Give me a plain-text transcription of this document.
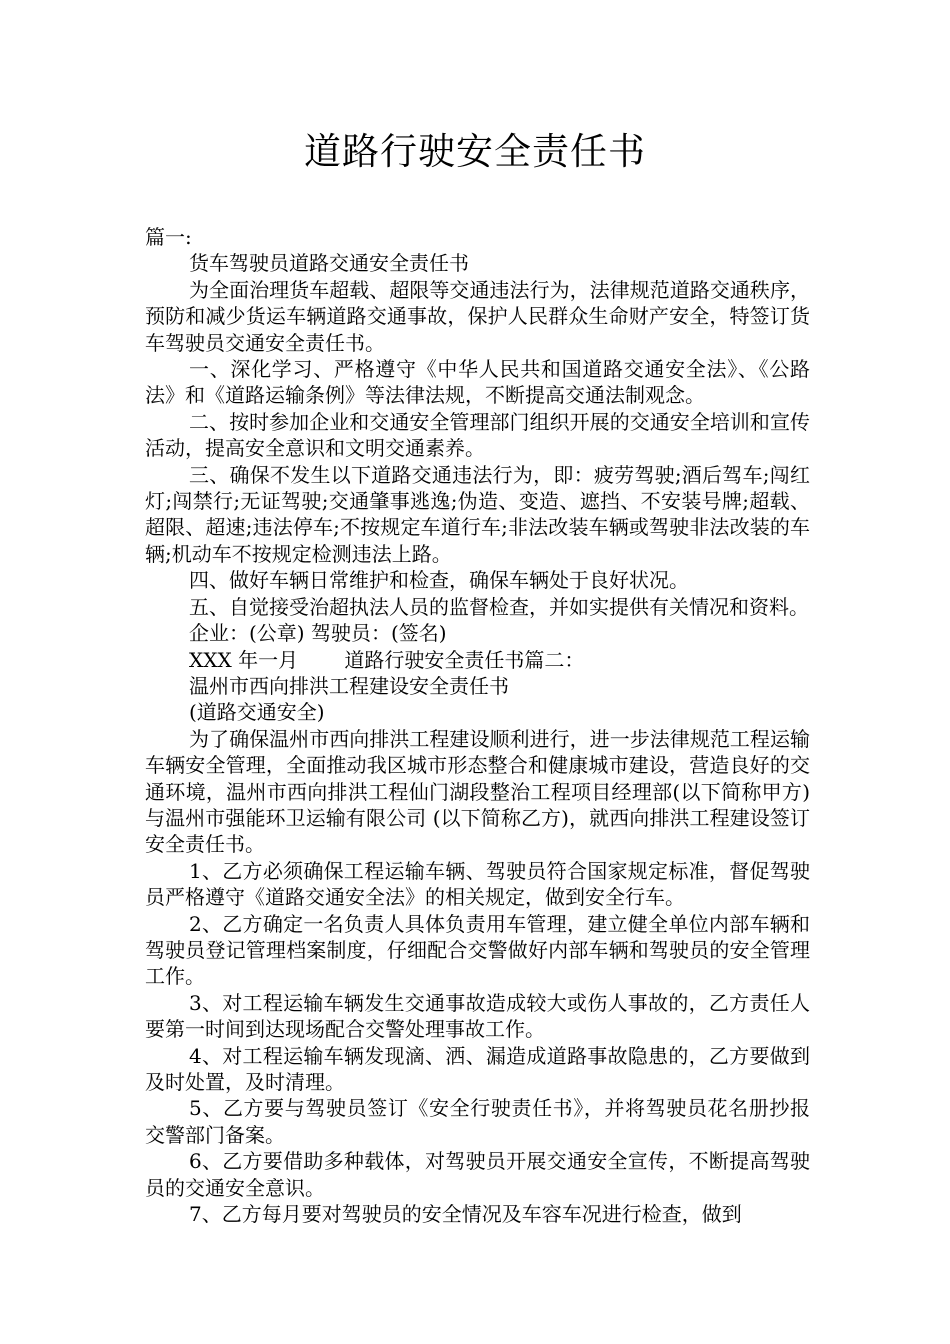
道路行驶安全责任书

篇一:

货车驾驶员道路交通安全责任书

为全面治理货车超载、超限等交通违法行为，法律规范道路交通秩序，预防和减少货运车辆道路交通事故，保护人民群众生命财产安全，特签订货车驾驶员交通安全责任书。

一、深化学习、严格遵守《中华人民共和国道路交通安全法》、《公路法》和《道路运输条例》等法律法规，不断提高交通法制观念。

二、按时参加企业和交通安全管理部门组织开展的交通安全培训和宣传活动，提高安全意识和文明交通素养。

三、确保不发生以下道路交通违法行为，即：疲劳驾驶;酒后驾车;闯红灯;闯禁行;无证驾驶;交通肇事逃逸;伪造、变造、遮挡、不安装号牌;超载、超限、超速;违法停车;不按规定车道行车;非法改装车辆或驾驶非法改装的车辆;机动车不按规定检测违法上路。

四、做好车辆日常维护和检查，确保车辆处于良好状况。

五、自觉接受治超执法人员的监督检查，并如实提供有关情况和资料。

企业：(公章) 驾驶员：(签名)

XXX 年一月　　 道路行驶安全责任书篇二：

温州市西向排洪工程建设安全责任书

(道路交通安全)

为了确保温州市西向排洪工程建设顺利进行，进一步法律规范工程运输车辆安全管理，全面推动我区城市形态整合和健康城市建设，营造良好的交通环境，温州市西向排洪工程仙门湖段整治工程项目经理部(以下简称甲方)与温州市强能环卫运输有限公司 (以下简称乙方)，就西向排洪工程建设签订安全责任书。

1、乙方必须确保工程运输车辆、驾驶员符合国家规定标准，督促驾驶员严格遵守《道路交通安全法》的相关规定，做到安全行车。

2、乙方确定一名负责人具体负责用车管理，建立健全单位内部车辆和驾驶员登记管理档案制度，仔细配合交警做好内部车辆和驾驶员的安全管理工作。

3、对工程运输车辆发生交通事故造成较大或伤人事故的，乙方责任人要第一时间到达现场配合交警处理事故工作。

4、对工程运输车辆发现滴、洒、漏造成道路事故隐患的，乙方要做到及时处置，及时清理。

5、乙方要与驾驶员签订《安全行驶责任书》，并将驾驶员花名册抄报交警部门备案。

6、乙方要借助多种载体，对驾驶员开展交通安全宣传，不断提高驾驶员的交通安全意识。

7、乙方每月要对驾驶员的安全情况及车容车况进行检查，做到
